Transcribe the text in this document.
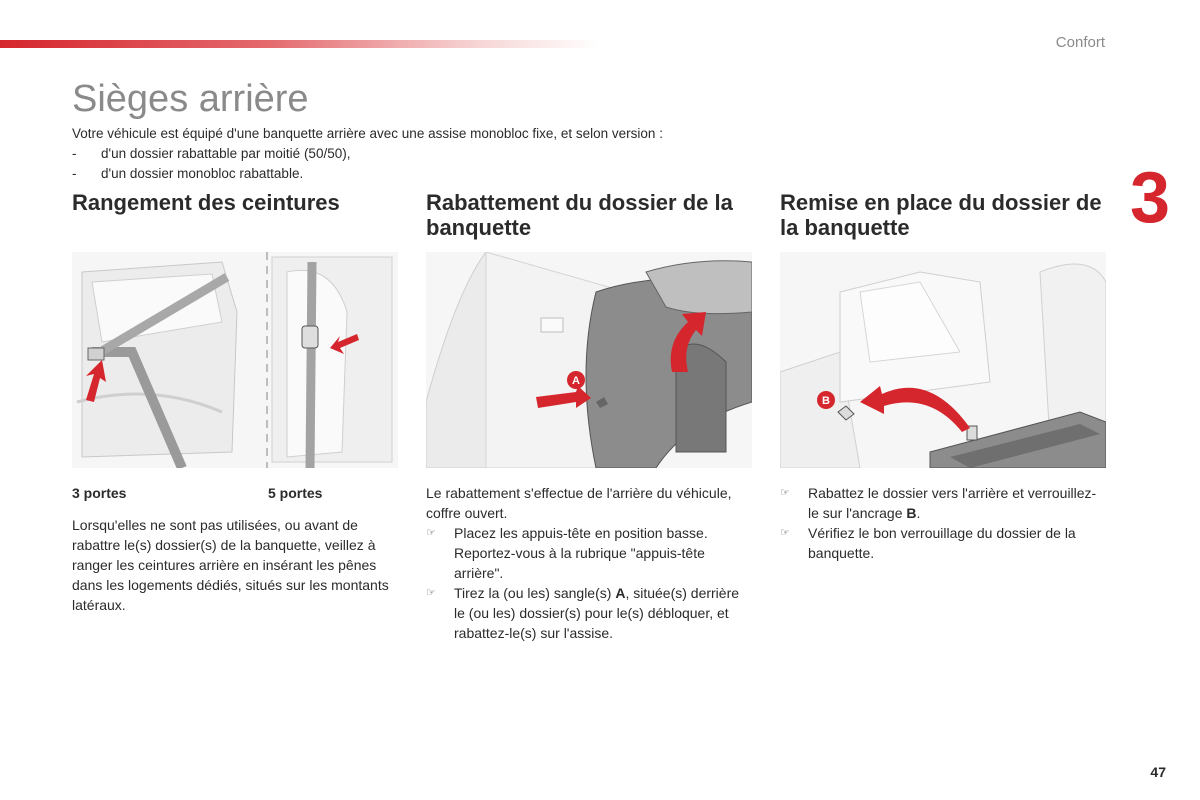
Confort
3
Sièges arrière
Votre véhicule est équipé d'une banquette arrière avec une assise monobloc fixe, et selon version :
- d'un dossier rabattable par moitié (50/50),
- d'un dossier monobloc rabattable.
Rangement des ceintures
3 portes	5 portes

Lorsqu'elles ne sont pas utilisées, ou avant de rabattre le(s) dossier(s) de la banquette, veillez à ranger les ceintures arrière en insérant les pênes dans les logements dédiés, situés sur les montants latéraux.

Rabattement du dossier de la banquette
A

Le rabattement s'effectue de l'arrière du véhicule, coffre ouvert.

☞ Placez les appuis-tête en position basse. Reportez-vous à la rubrique "appuis-tête arrière".
☞ Tirez la (ou les) sangle(s) A, située(s) derrière le (ou les) dossier(s) pour le(s) débloquer, et rabattez-le(s) sur l'assise.
Remise en place du dossier de la banquette
B
☞ Rabattez le dossier vers l'arrière et verrouillez-le sur l'ancrage B.
☞ Vérifiez le bon verrouillage du dossier de la banquette.
47
